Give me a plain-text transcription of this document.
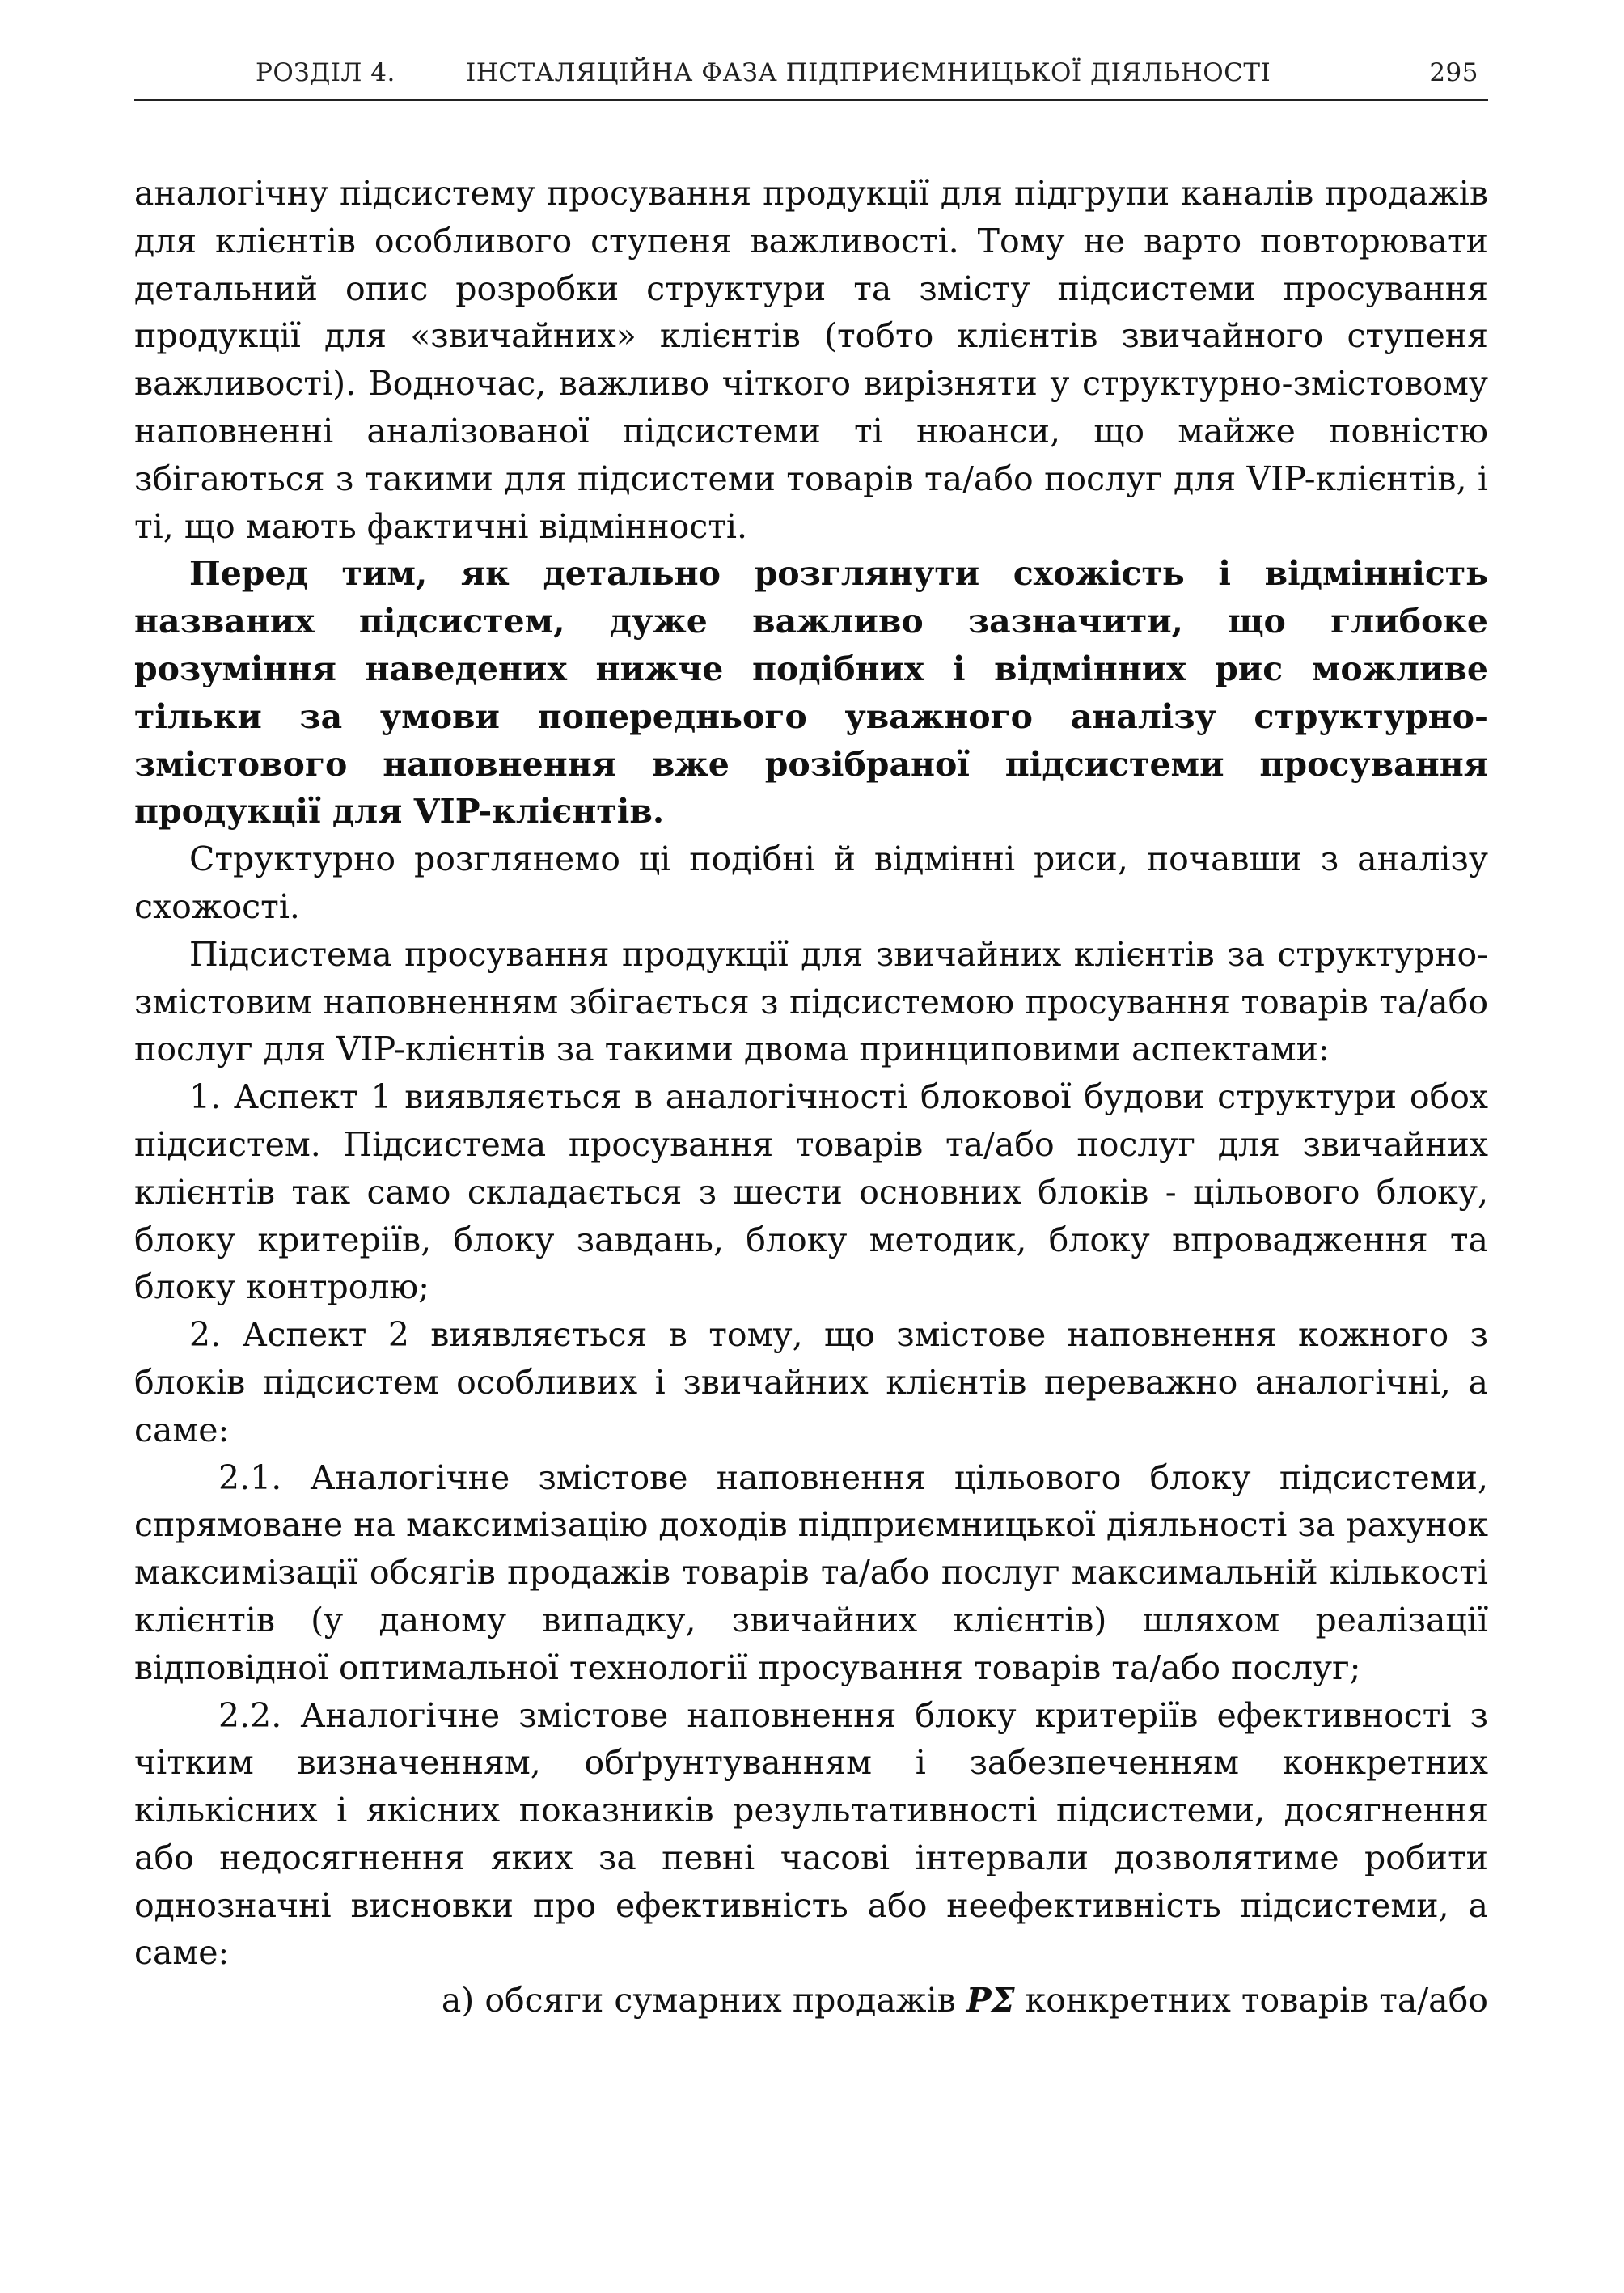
РОЗДІЛ 4.	ІНСТАЛЯЦІЙНА ФАЗА ПІДПРИЄМНИЦЬКОЇ ДІЯЛЬНОСТІ	295

аналогічну підсистему просування продукції для підгрупи каналів продажів для клієнтів особливого ступеня важливості. Тому не варто повторювати детальний опис розробки структури та змісту підсистеми просування продукції для «звичайних» клієнтів (тобто клієнтів звичайного ступеня важливості). Водночас, важливо чіткого вирізняти у структурно-змістовому наповненні аналізованої підсистеми ті нюанси, що майже повністю збігаються з такими для підсистеми товарів та/або послуг для VIP-клієнтів, і ті, що мають фактичні відмінності.

Перед тим, як детально розглянути схожість і відмінність названих підсистем, дуже важливо зазначити, що глибоке розуміння наведених нижче подібних і відмінних рис можливе тільки за умови попереднього уважного аналізу структурно-змістового наповнення вже розібраної підсистеми просування продукції для VIP-клієнтів.

Структурно розглянемо ці подібні й відмінні риси, почавши з аналізу схожості.

Підсистема просування продукції для звичайних клієнтів за структурно-змістовим наповненням збігається з підсистемою просування товарів та/або послуг для VIP-клієнтів за такими двома принциповими аспектами:

1. Аспект 1 виявляється в аналогічності блокової будови структури обох підсистем. Підсистема просування товарів та/або послуг для звичайних клієнтів так само складається з шести основних блоків - цільового блоку, блоку критеріїв, блоку завдань, блоку методик, блоку впровадження та блоку контролю;

2. Аспект 2 виявляється в тому, що змістове наповнення кожного з блоків підсистем особливих і звичайних клієнтів переважно аналогічні, а саме:

2.1. Аналогічне змістове наповнення цільового блоку підсистеми, спрямоване на максимізацію доходів підприємницької діяльності за рахунок максимізації обсягів продажів товарів та/або послуг максимальній кількості клієнтів (у даному випадку, звичайних клієнтів) шляхом реалізації відповідної оптимальної технології просування товарів та/або послуг;

2.2. Аналогічне змістове наповнення блоку критеріїв ефективності з чітким визначенням, обґрунтуванням і забезпеченням конкретних кількісних і якісних показників результативності підсистеми, досягнення або недосягнення яких за певні часові інтервали дозволятиме робити однозначні висновки про ефективність або неефективність підсистеми, а саме:

а) обсяги сумарних продажів PΣ конкретних товарів та/або
